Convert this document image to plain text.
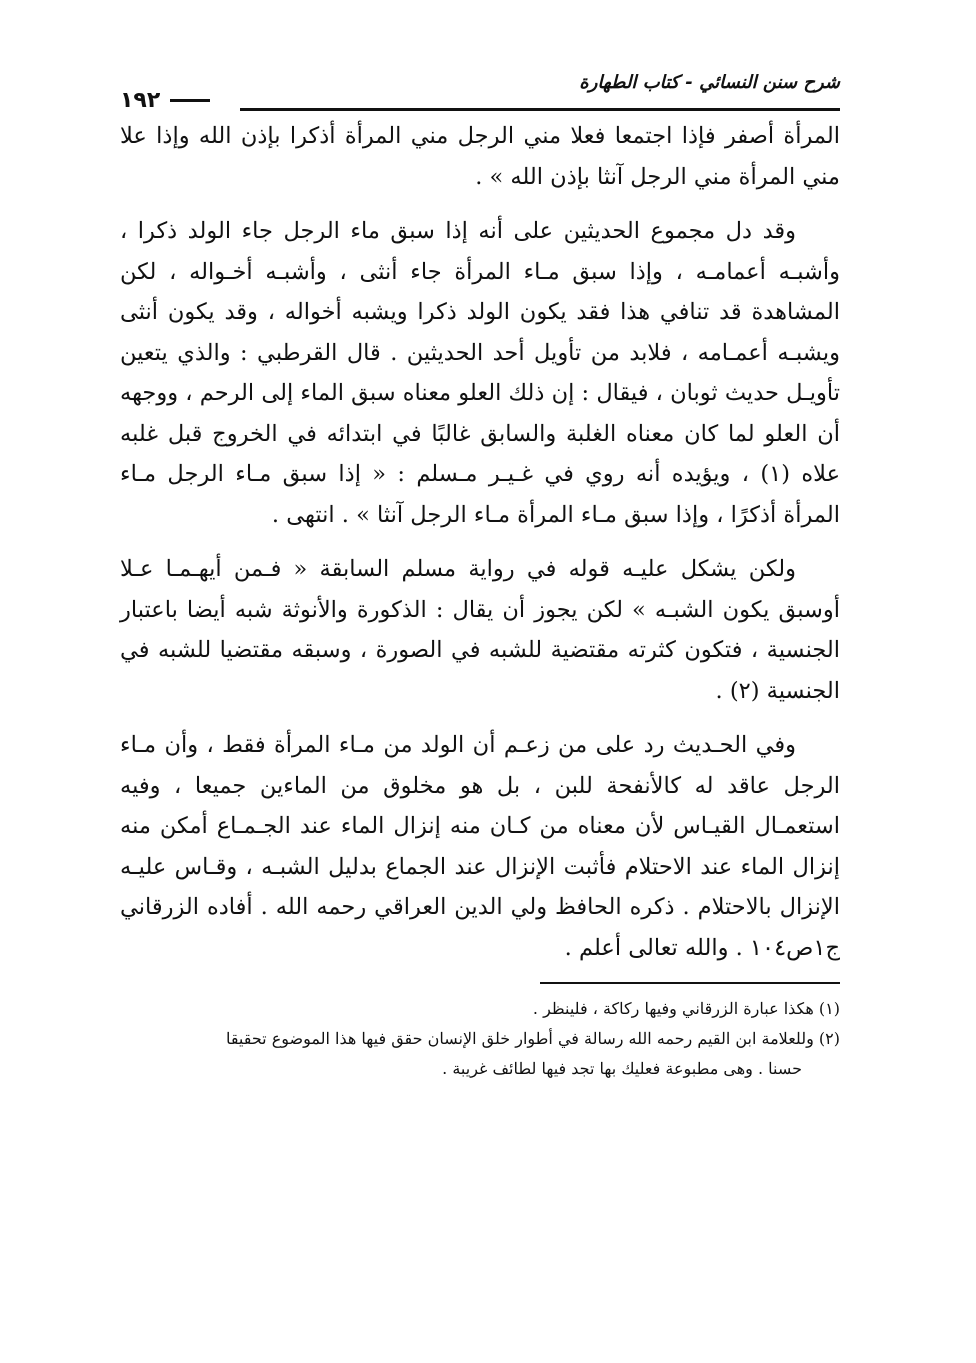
شرح سنن النسائي - كتاب الطهارة
١٩٢

المرأة أصفر فإذا اجتمعا فعلا مني الرجل مني المرأة أذكرا بإذن الله وإذا علا مني المرأة مني الرجل آنثا بإذن الله » .

وقد دل مجموع الحديثين على أنه إذا سبق ماء الرجل جاء الولد ذكرا ، وأشبـه أعمامـه ، وإذا سبق مـاء المرأة جاء أنثى ، وأشبـه أخـواله ، لكن المشاهدة قد تنافي هذا فقد يكون الولد ذكرا ويشبه أخواله ، وقد يكون أنثى ويشبـه أعمـامه ، فلابد من تأويل أحد الحديثين . قال القرطبي : والذي يتعين تأويـل حديث ثوبان ، فيقال : إن ذلك العلو معناه سبق الماء إلى الرحم ، ووجهه أن العلو لما كان معناه الغلبة والسابق غالبًا في ابتدائه في الخروج قبل غلبه علاه (١) ، ويؤيده أنه روي في غـيـر مـسلم : « إذا سبق مـاء الرجل مـاء المرأة أذكرًا ، وإذا سبق مـاء المرأة مـاء الرجل آنثا » . انتهى .

ولكن يشكل عليـه قوله في رواية مسلم السابقة « فـمن أيهـمـا عـلا أوسبق يكون الشبـه » لكن يجوز أن يقال : الذكورة والأنوثة شبه أيضا باعتبار الجنسية ، فتكون كثرته مقتضية للشبه في الصورة ، وسبقه مقتضيا للشبه في الجنسية (٢) .

وفي الحـديث رد على من زعـم أن الولد من مـاء المرأة فقط ، وأن مـاء الرجل عاقد له كالأنفحة للبن ، بل هو مخلوق من الماءين جميعا ، وفيه استعمـال القيـاس لأن معناه من كـان منه إنزال الماء عند الجـمـاع أمكن منه إنزال الماء عند الاحتلام فأثبت الإنزال عند الجماع بدليل الشبـه ، وقـاس عليـه الإنزال بالاحتلام . ذكره الحافظ ولي الدين العراقي رحمه الله . أفاده الزرقاني ج١ص١٠٤ . والله تعالى أعلم .

(١) هكذا عبارة الزرقاني وفيها ركاكة ، فلينظر .

(٢) وللعلامة ابن القيم رحمه الله رسالة في أطوار خلق الإنسان حقق فيها هذا الموضوع تحقيقا

حسنا . وهى مطبوعة فعليك بها تجد فيها لطائف غريبة .
